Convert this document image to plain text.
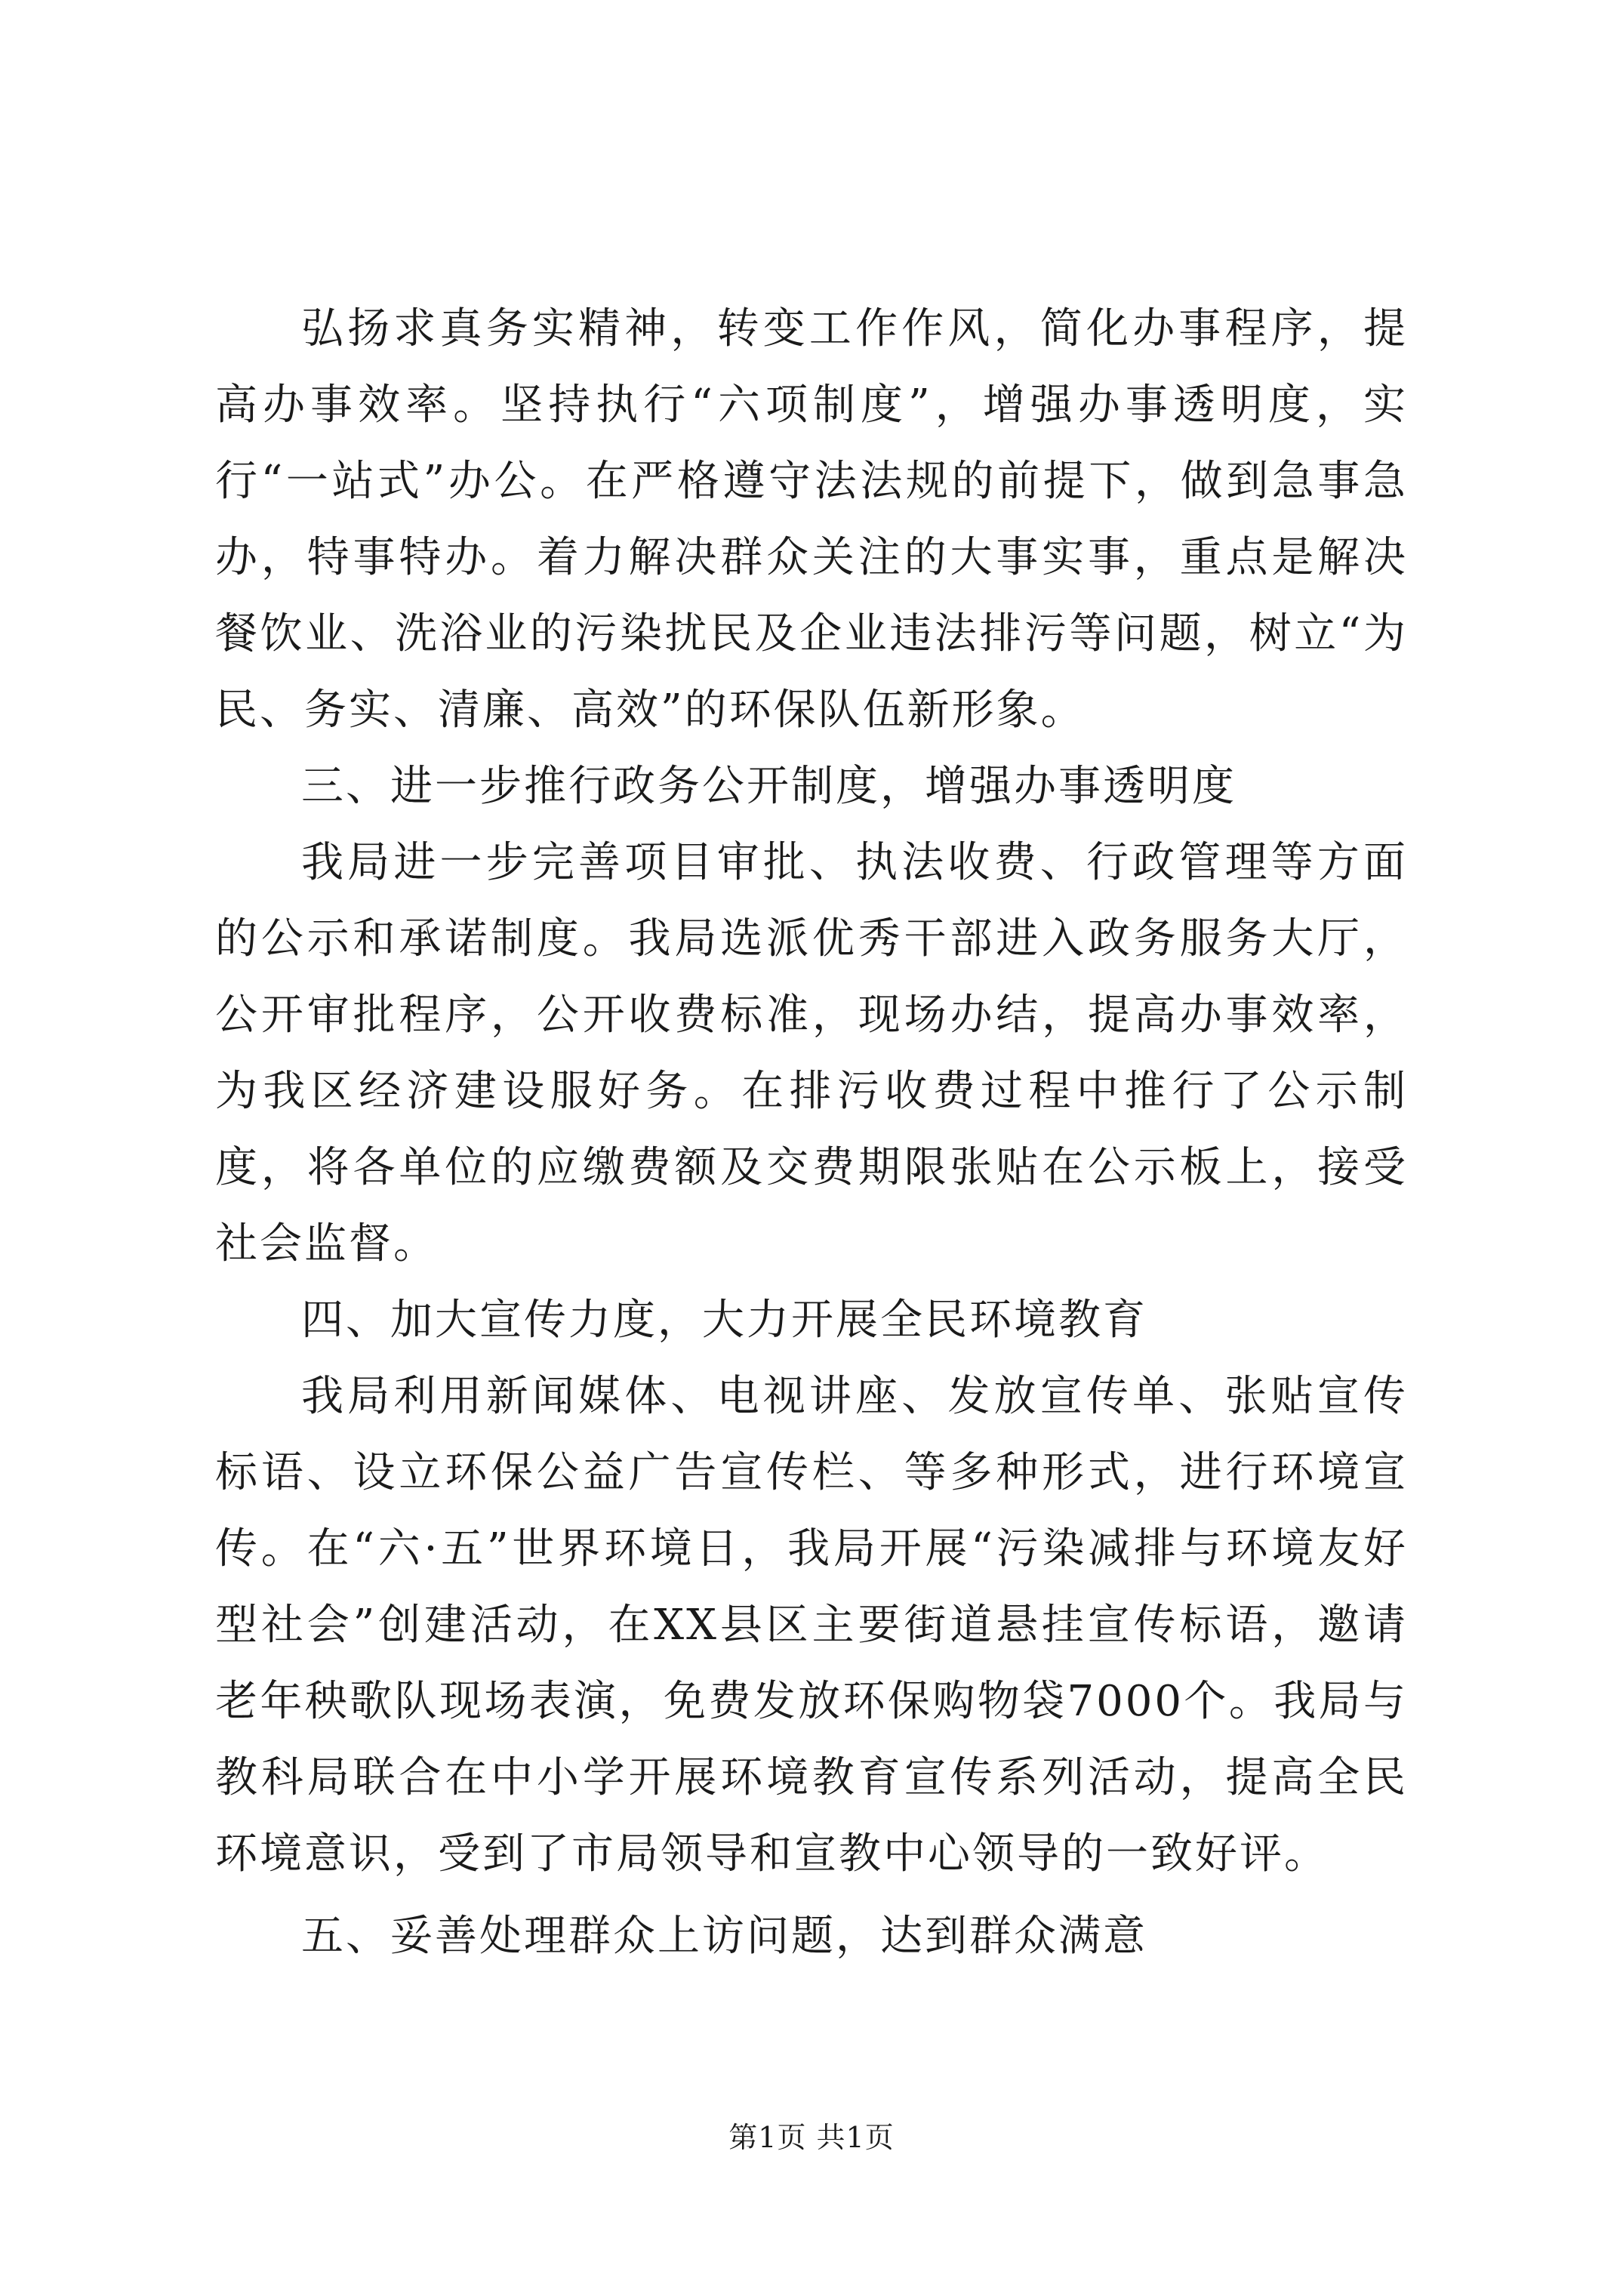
弘扬求真务实精神，转变工作作风，简化办事程序，提高办事效率。坚持执行“六项制度”，增强办事透明度，实行“一站式”办公。在严格遵守法法规的前提下，做到急事急办，特事特办。着力解决群众关注的大事实事，重点是解决餐饮业、洗浴业的污染扰民及企业违法排污等问题，树立“为民、务实、清廉、高效”的环保队伍新形象。

三、进一步推行政务公开制度，增强办事透明度

我局进一步完善项目审批、执法收费、行政管理等方面的公示和承诺制度。我局选派优秀干部进入政务服务大厅，公开审批程序，公开收费标准，现场办结，提高办事效率，为我区经济建设服好务。在排污收费过程中推行了公示制度，将各单位的应缴费额及交费期限张贴在公示板上，接受社会监督。

四、加大宣传力度，大力开展全民环境教育

我局利用新闻媒体、电视讲座、发放宣传单、张贴宣传标语、设立环保公益广告宣传栏、等多种形式，进行环境宣传。在“六·五”世界环境日，我局开展“污染减排与环境友好型社会”创建活动，在XX县区主要街道悬挂宣传标语，邀请老年秧歌队现场表演，免费发放环保购物袋7000个。我局与教科局联合在中小学开展环境教育宣传系列活动，提高全民环境意识，受到了市局领导和宣教中心领导的一致好评。

五、妥善处理群众上访问题，达到群众满意

第1页 共1页
